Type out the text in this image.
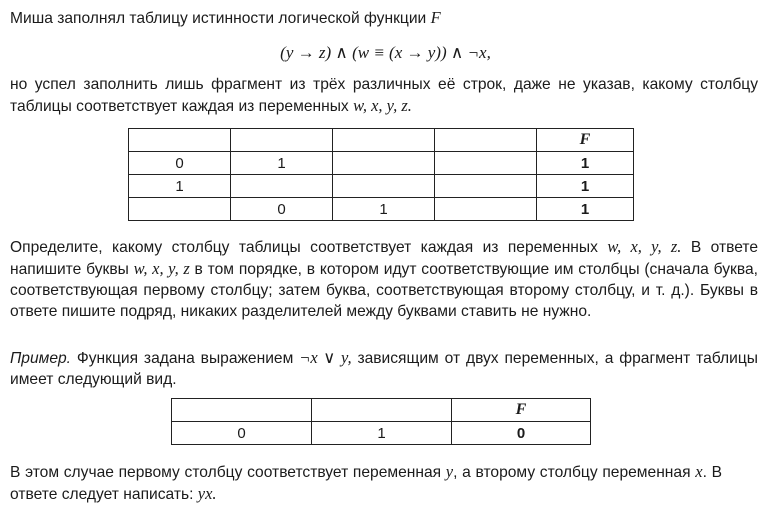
Миша заполнял таблицу истинности логической функции F

(y → z) ∧ (w ≡ (x → y)) ∧ ¬x,

но успел заполнить лишь фрагмент из трёх различных её строк, даже не указав, какому столбцу таблицы соответствует каждая из переменных w, x, y, z.

				F
0	1			1
1				1
	0	1		1

Определите, какому столбцу таблицы соответствует каждая из переменных w, x, y, z. В ответе напишите буквы w, x, y, z в том порядке, в котором идут соответствующие им столбцы (сначала буква, соответствующая первому столбцу; затем буква, соответствующая второму столбцу, и т. д.). Буквы в ответе пишите подряд, никаких разделителей между буквами ставить не нужно.

Пример. Функция задана выражением ¬x ∨ y, зависящим от двух переменных, а фрагмент таблицы имеет следующий вид.

		F
0	1	0

В этом случае первому столбцу соответствует переменная y, а второму столбцу переменная x. В ответе следует написать: yx.
